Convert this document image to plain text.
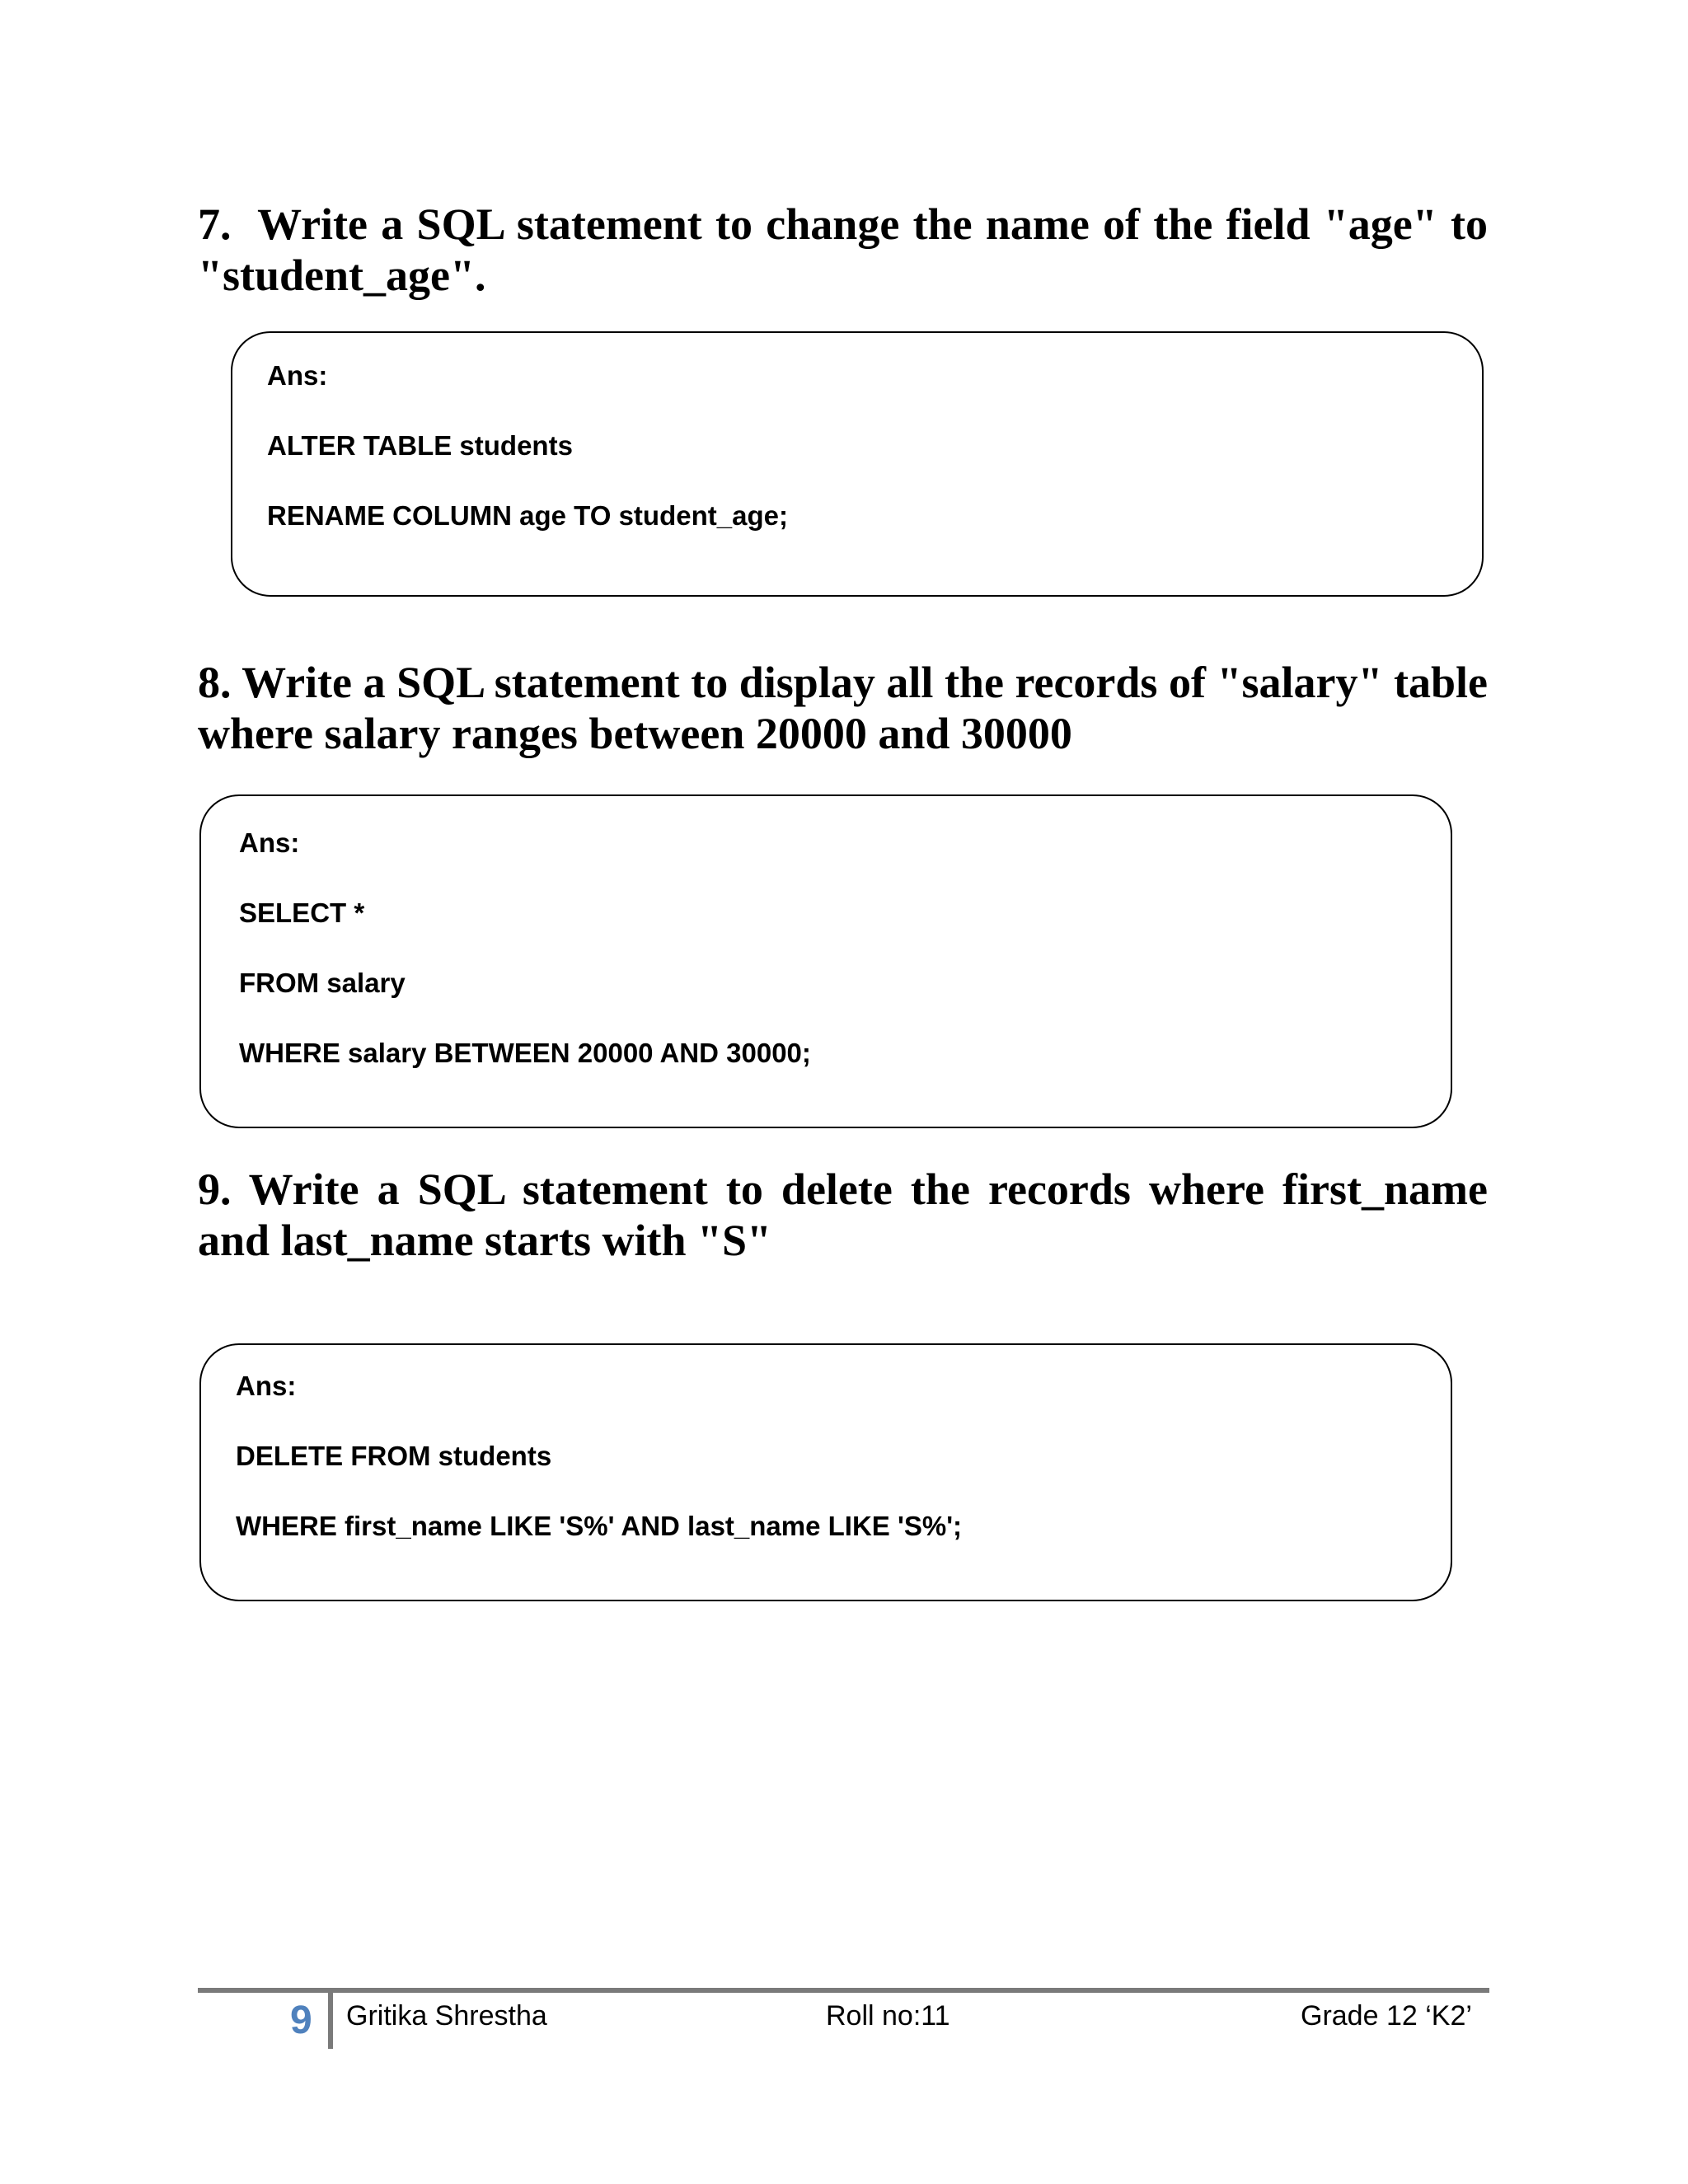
7. Write a SQL statement to change the name of the field "age" to "student_age".

Ans:
ALTER TABLE students
RENAME COLUMN age TO student_age;

8. Write a SQL statement to display all the records of "salary" table where salary ranges between 20000 and 30000

Ans:
SELECT *
FROM salary
WHERE salary BETWEEN 20000 AND 30000;

9. Write a SQL statement to delete the records where first_name and last_name starts with "S"

Ans:
DELETE FROM students
WHERE first_name LIKE 'S%' AND last_name LIKE 'S%';
9 Gritika Shrestha	Roll no:11	Grade 12 ‘K2’
